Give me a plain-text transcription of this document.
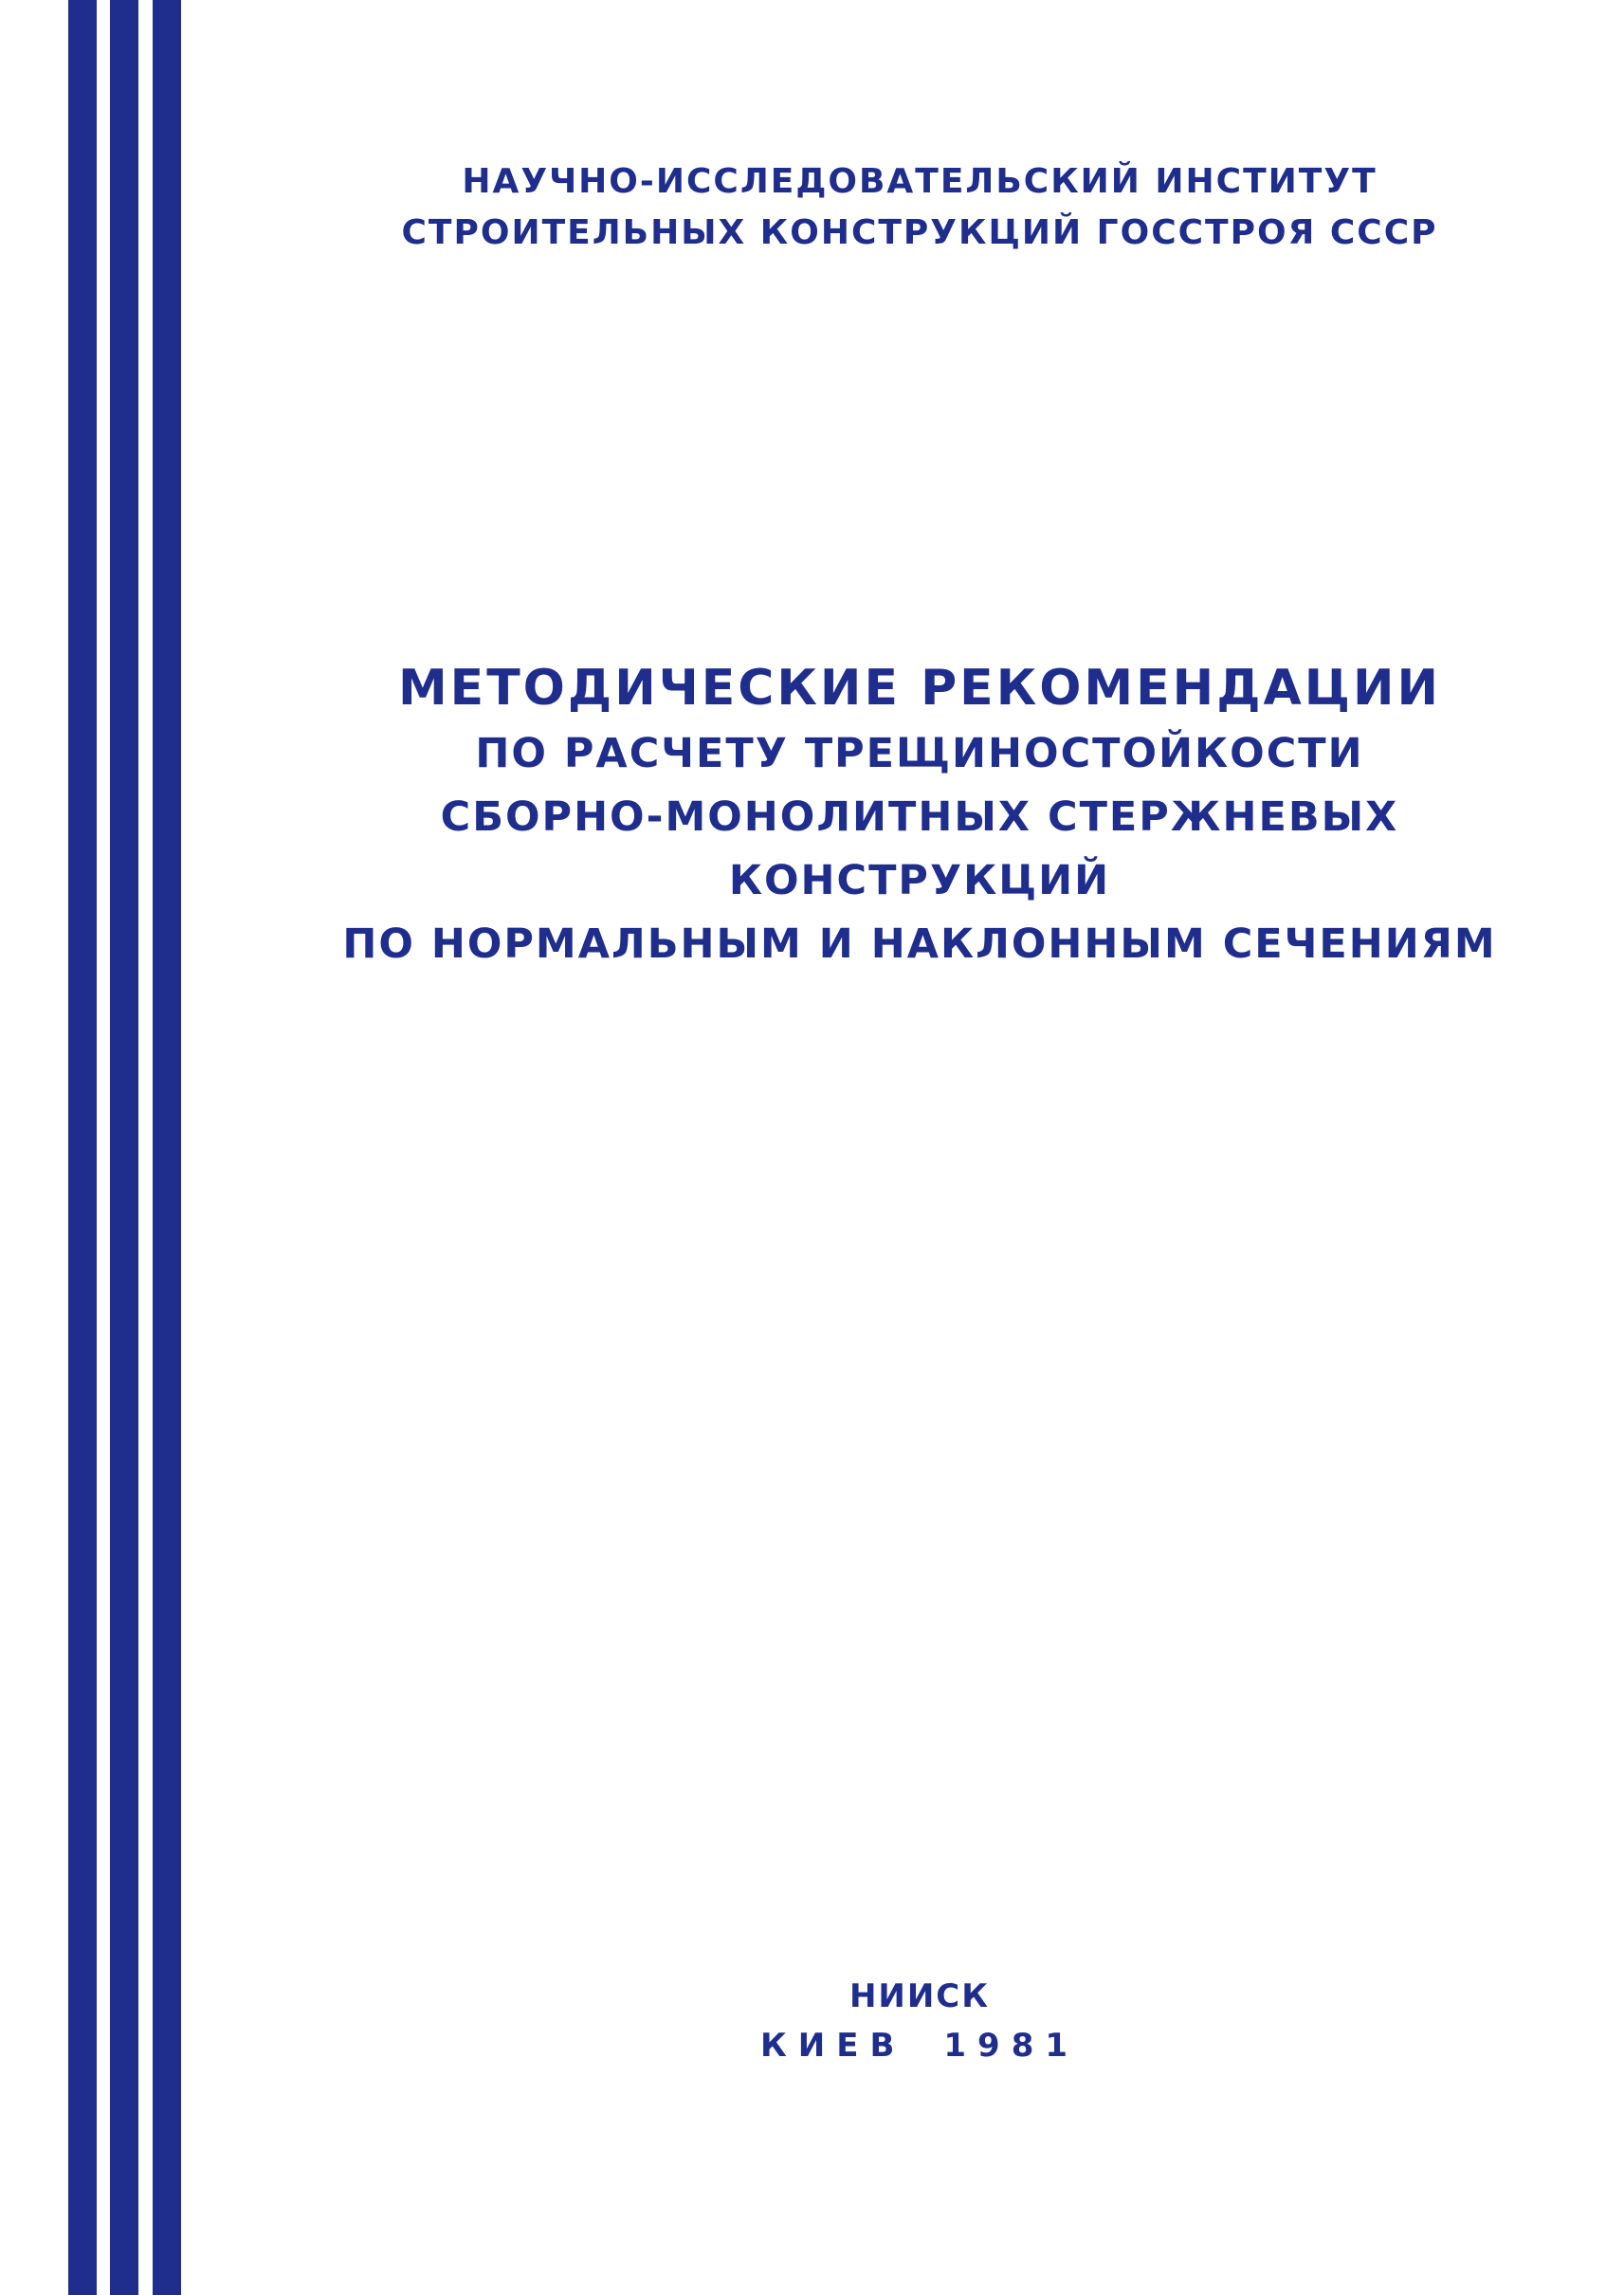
НАУЧНО-ИССЛЕДОВАТЕЛЬСКИЙ ИНСТИТУТ
СТРОИТЕЛЬНЫХ КОНСТРУКЦИЙ ГОССТРОЯ СССР
МЕТОДИЧЕСКИЕ РЕКОМЕНДАЦИИ
ПО РАСЧЕТУ ТРЕЩИНОСТОЙКОСТИ
СБОРНО-МОНОЛИТНЫХ СТЕРЖНЕВЫХ КОНСТРУКЦИЙ
ПО НОРМАЛЬНЫМ И НАКЛОННЫМ СЕЧЕНИЯМ
НИИСК
КИЕВ 1981
